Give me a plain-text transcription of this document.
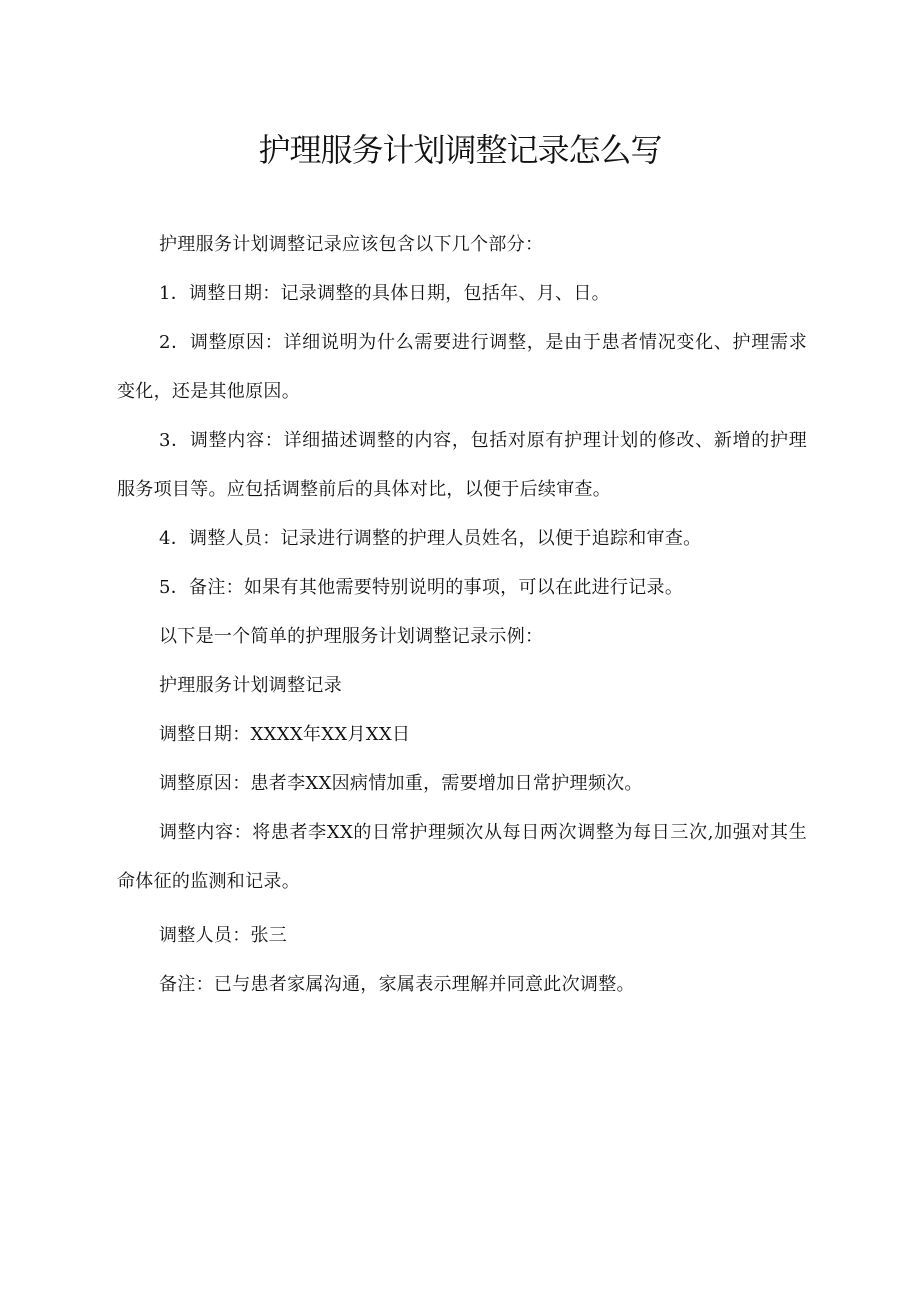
护理服务计划调整记录怎么写

护理服务计划调整记录应该包含以下几个部分：

1．调整日期：记录调整的具体日期，包括年、月、日。

2．调整原因：详细说明为什么需要进行调整，是由于患者情况变化、护理需求变化，还是其他原因。

3．调整内容：详细描述调整的内容，包括对原有护理计划的修改、新增的护理服务项目等。应包括调整前后的具体对比，以便于后续审查。

4．调整人员：记录进行调整的护理人员姓名，以便于追踪和审查。

5．备注：如果有其他需要特别说明的事项，可以在此进行记录。

以下是一个简单的护理服务计划调整记录示例：

护理服务计划调整记录

调整日期：XXXX年XX月XX日

调整原因：患者李XX因病情加重，需要增加日常护理频次。

调整内容：将患者李XX的日常护理频次从每日两次调整为每日三次,加强对其生命体征的监测和记录。

调整人员：张三

备注：已与患者家属沟通，家属表示理解并同意此次调整。
